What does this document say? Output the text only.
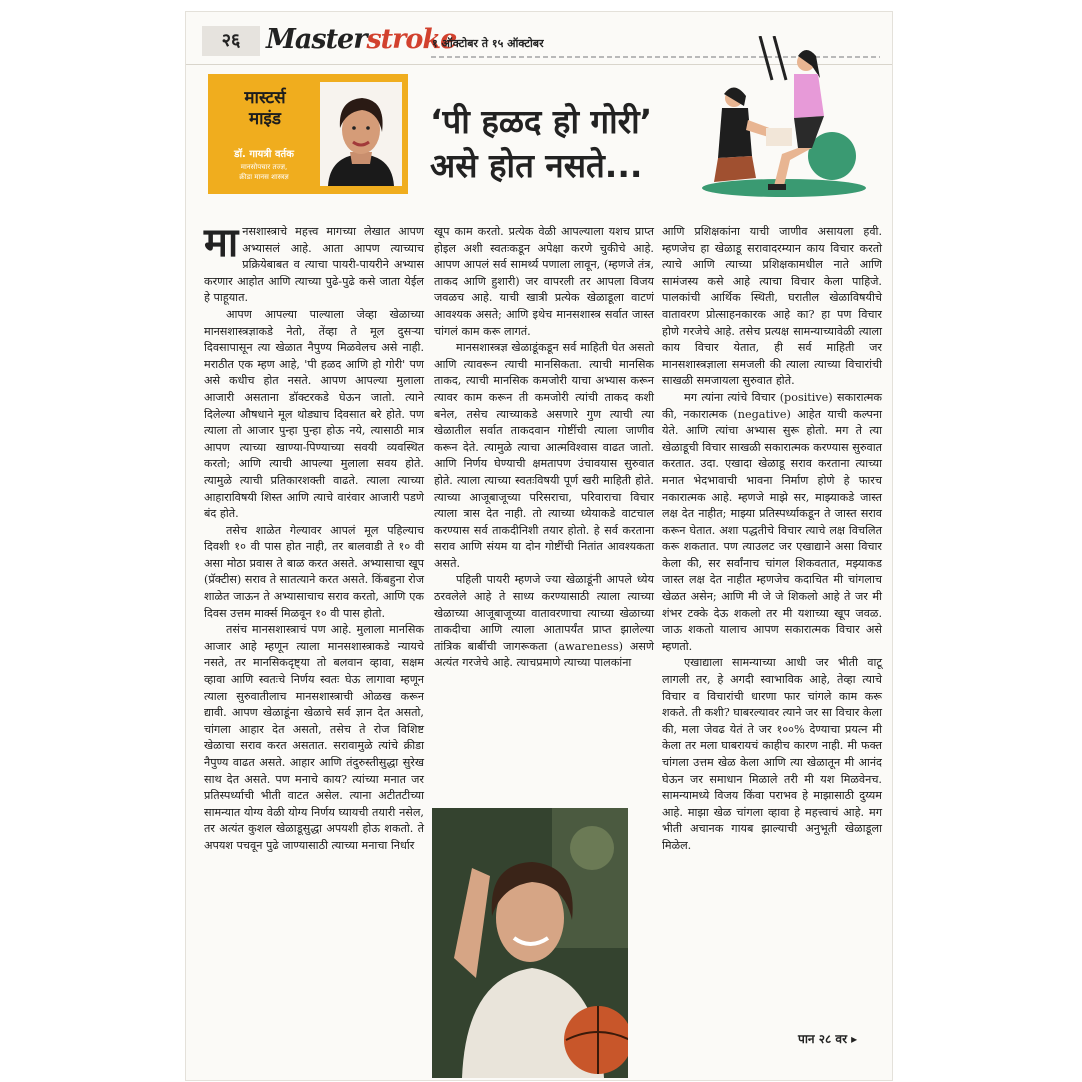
२६ Masterstroke
१ ऑक्टोबर ते १५ ऑक्टोबर
मास्टर्स
माइंड
डॉ. गायत्री वर्तक
मानसोपचार तज्ज्ञ,
क्रीडा मानस शास्त्रज्ञ
‘पी हळद हो गोरी’
असे होत नसते...

मानसशास्त्राचे महत्त्व मागच्या लेखात आपण अभ्यासलं आहे. आता आपण त्याच्याच प्रक्रियेबाबत व त्याचा पायरी-पायरीने अभ्यास करणार आहोत आणि त्याच्या पुढे-पुढे कसे जाता येईल हे पाहूयात.

आपण आपल्या पाल्याला जेव्हा खेळाच्या मानसशास्त्रज्ञाकडे नेतो, तेंव्हा ते मूल दुसऱ्या दिवसापासून त्या खेळात नैपुण्य मिळवेलच असे नाही. मराठीत एक म्हण आहे, 'पी हळद आणि हो गोरी' पण असे कधीच होत नसते. आपण आपल्या मुलाला आजारी असताना डॉक्टरकडे घेऊन जातो. त्याने दिलेल्या औषधाने मूल थोड्याच दिवसात बरे होते. पण त्याला तो आजार पुन्हा पुन्हा होऊ नये, त्यासाठी मात्र आपण त्याच्या खाण्या-पिण्याच्या सवयी व्यवस्थित करतो; आणि त्याची आपल्या मुलाला सवय होते. त्यामुळे त्याची प्रतिकारशक्ती वाढते. त्याला त्याच्या आहाराविषयी शिस्त आणि त्याचे वारंवार आजारी पडणे बंद होते.

तसेच शाळेत गेल्यावर आपलं मूल पहिल्याच दिवशी १० वी पास होत नाही, तर बालवाडी ते १० वी असा मोठा प्रवास ते बाळ करत असते. अभ्यासाचा खूप (प्रॅक्टीस) सराव ते सातत्याने करत असते. किंबहुना रोज शाळेत जाऊन ते अभ्यासाचाच सराव करतो, आणि एक दिवस उत्तम मार्क्स मिळवून १० वी पास होतो.

तसंच मानसशास्त्राचं पण आहे. मुलाला मानसिक आजार आहे म्हणून त्याला मानसशास्त्राकडे न्यायचे नसते, तर मानसिकदृष्ट्या तो बलवान व्हावा, सक्षम व्हावा आणि स्वतःचे निर्णय स्वतः घेऊ लागावा म्हणून त्याला सुरुवातीलाच मानसशास्त्राची ओळख करून द्यावी. आपण खेळाडूंना खेळाचे सर्व ज्ञान देत असतो, चांगला आहार देत असतो, तसेच ते रोज विशिष्ट खेळाचा सराव करत असतात. सरावामुळे त्यांचे क्रीडा नैपुण्य वाढत असते. आहार आणि तंदुरुस्तीसुद्धा सुरेख साथ देत असते. पण मनाचे काय? त्यांच्या मनात जर प्रतिस्पर्ध्याची भीती वाटत असेल. त्याना अटीतटीच्या सामन्यात योग्य वेळी योग्य निर्णय घ्यायची तयारी नसेल, तर अत्यंत कुशल खेळाडूसुद्धा अपयशी होऊ शकतो. ते अपयश पचवून पुढे जाण्यासाठी त्याच्या मनाचा निर्धार

खूप काम करतो. प्रत्येक वेळी आपल्याला यशच प्राप्त होइल अशी स्वतःकडून अपेक्षा करणे चुकीचे आहे. आपण आपलं सर्व सामर्थ्य पणाला लावून, (म्हणजे तंत्र, ताकद आणि हुशारी) जर वापरली तर आपला विजय जवळच आहे. याची खात्री प्रत्येक खेळाडूला वाटणं आवश्यक असते; आणि इथेच मानसशास्त्र सर्वात जास्त चांगलं काम करू लागतं.

मानसशास्त्रज्ञ खेळाडूंकडून सर्व माहिती घेत असतो आणि त्यावरून त्याची मानसिकता. त्याची मानसिक ताकद, त्याची मानसिक कमजोरी याचा अभ्यास करून त्यावर काम करून ती कमजोरी त्यांची ताकद कशी बनेल, तसेच त्याच्याकडे असणारे गुण त्याची त्या खेळातील सर्वात ताकदवान गोष्टींची त्याला जाणीव करून देते. त्यामुळे त्याचा आत्मविश्वास वाढत जातो. आणि निर्णय घेण्याची क्षमतापण उंचावयास सुरुवात होते. त्याला त्याच्या स्वतःविषयी पूर्ण खरी माहिती होते. त्याच्या आजूबाजूच्या परिसराचा, परिवाराचा विचार त्याला त्रास देत नाही. तो त्याच्या ध्येयाकडे वाटचाल करण्यास सर्व ताकदीनिशी तयार होतो. हे सर्व करताना सराव आणि संयम या दोन गोष्टींची नितांत आवश्यकता असते.

पहिली पायरी म्हणजे ज्या खेळाडूंनी आपले ध्येय ठरवलेले आहे ते साध्य करण्यासाठी त्याला त्याच्या खेळाच्या आजूबाजूच्या वातावरणाचा त्याच्या खेळाच्या ताकदीचा आणि त्याला आतापर्यंत प्राप्त झालेल्या तांत्रिक बाबींची जागरूकता (awareness) असणे अत्यंत गरजेचे आहे. त्याचप्रमाणे त्याच्या पालकांना

आणि प्रशिक्षकांना याची जाणीव असायला हवी. म्हणजेच हा खेळाडू सरावादरम्यान काय विचार करतो त्याचे आणि त्याच्या प्रशिक्षकामधील नाते आणि सामंजस्य कसे आहे त्याचा विचार केला पाहिजे. पालकांची आर्थिक स्थिती, घरातील खेळाविषयीचे वातावरण प्रोत्साहनकारक आहे का? हा पण विचार होणे गरजेचे आहे. तसेच प्रत्यक्ष सामन्याच्यावेळी त्याला काय विचार येतात, ही सर्व माहिती जर मानसशास्त्रज्ञाला समजली की त्याला त्याच्या विचारांची साखळी समजायला सुरुवात होते.

मग त्यांना त्यांचे विचार (positive) सकारात्मक की, नकारात्मक (negative) आहेत याची कल्पना येते. आणि त्यांचा अभ्यास सुरू होतो. मग ते त्या खेळाडूची विचार साखळी सकारात्मक करण्यास सुरुवात करतात. उदा. एखादा खेळाडू सराव करताना त्याच्या मनात भेदभावाची भावना निर्माण होणे हे फारच नकारात्मक आहे. म्हणजे माझे सर, माझ्याकडे जास्त लक्ष देत नाहीत; माझ्या प्रतिस्पर्ध्याकडून ते जास्त सराव करून घेतात. अशा पद्धतीचे विचार त्याचे लक्ष विचलित करू शकतात. पण त्याउलट जर एखाद्याने असा विचार केला की, सर सर्वांनाच चांगल शिकवतात, मझ्याकड जास्त लक्ष देत नाहीत म्हणजेच कदाचित मी चांगलाच खेळत असेन; आणि मी जे जे शिकलो आहे ते जर मी शंभर टक्के देऊ शकलो तर मी यशाच्या खूप जवळ. जाऊ शकतो यालाच आपण सकारात्मक विचार असे म्हणतो.

एखाद्याला सामन्याच्या आधी जर भीती वाटू लागली तर, हे अगदी स्वाभाविक आहे, तेव्हा त्याचे विचार व विचारांची धारणा फार चांगले काम करू शकते. ती कशी? घाबरल्यावर त्याने जर सा विचार केला की, मला जेवढ येतं ते जर १००% देण्याचा प्रयत्न मी केला तर मला घाबरायचं काहीच कारण नाही. मी फक्त चांगला उत्तम खेळ केला आणि त्या खेळातून मी आनंद घेऊन जर समाधान मिळाले तरी मी यश मिळवेनच. सामन्यामध्ये विजय किंवा पराभव हे माझासाठी दुय्यम आहे. माझा खेळ चांगला व्हावा हे महत्त्वाचं आहे. मग भीती अचानक गायब झाल्याची अनुभूती खेळाडूला मिळेल.

पान २८ वर ▸
